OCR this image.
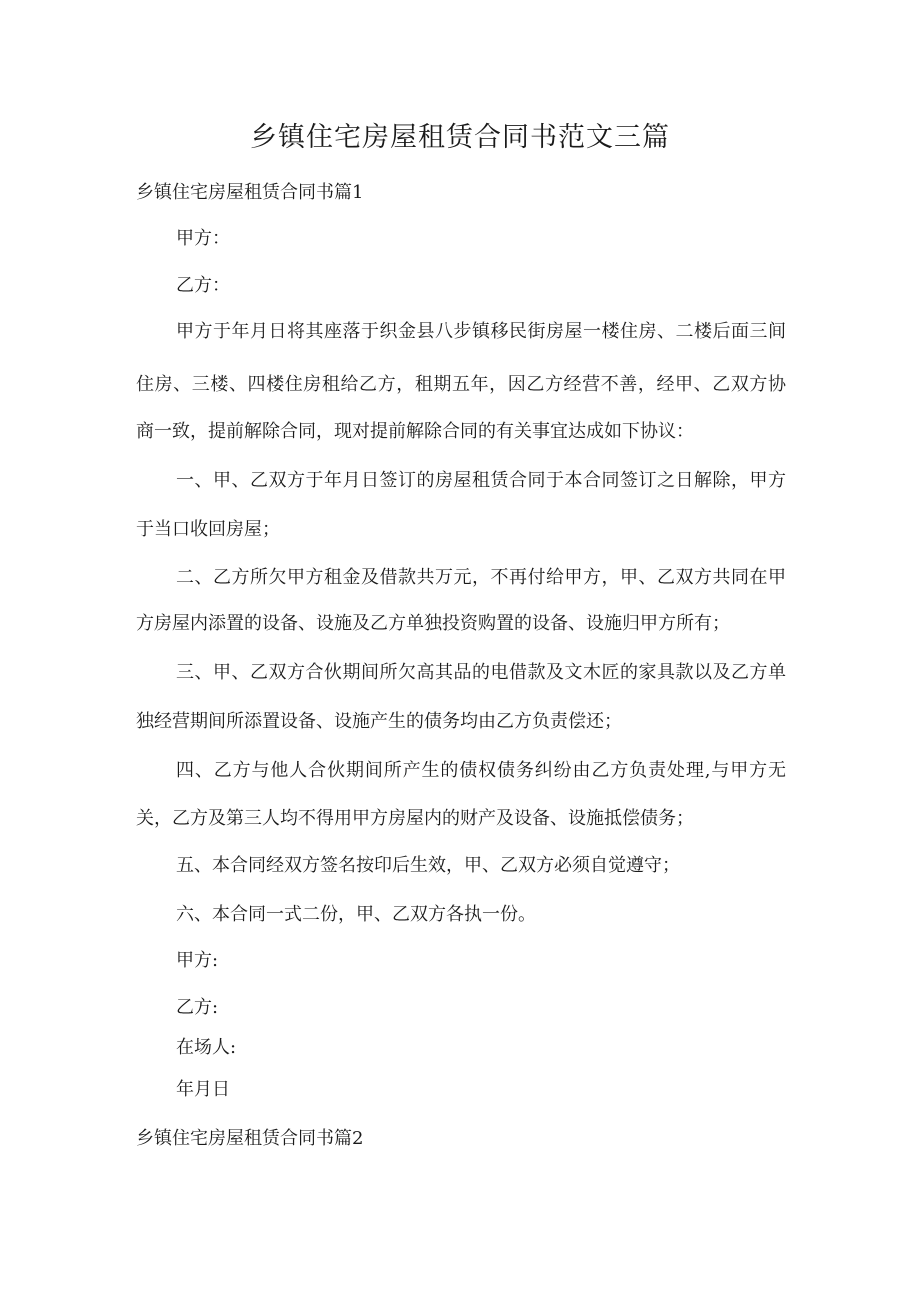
乡镇住宅房屋租赁合同书范文三篇

乡镇住宅房屋租赁合同书篇1

甲方：

乙方：

甲方于年月日将其座落于织金县八步镇移民街房屋一楼住房、二楼后面三间

住房、三楼、四楼住房租给乙方，租期五年，因乙方经营不善，经甲、乙双方协

商一致，提前解除合同，现对提前解除合同的有关事宜达成如下协议：

一、甲、乙双方于年月日签订的房屋租赁合同于本合同签订之日解除，甲方

于当口收回房屋；

二、乙方所欠甲方租金及借款共万元，不再付给甲方，甲、乙双方共同在甲

方房屋内添置的设备、设施及乙方单独投资购置的设备、设施归甲方所有；

三、甲、乙双方合伙期间所欠高其品的电借款及文木匠的家具款以及乙方单

独经营期间所添置设备、设施产生的债务均由乙方负责偿还；

四、乙方与他人合伙期间所产生的债权债务纠纷由乙方负责处理,与甲方无

关，乙方及第三人均不得用甲方房屋内的财产及设备、设施抵偿债务；

五、本合同经双方签名按印后生效，甲、乙双方必须自觉遵守；

六、本合同一式二份，甲、乙双方各执一份。

甲方:

乙方:

在场人:

年月日

乡镇住宅房屋租赁合同书篇2
